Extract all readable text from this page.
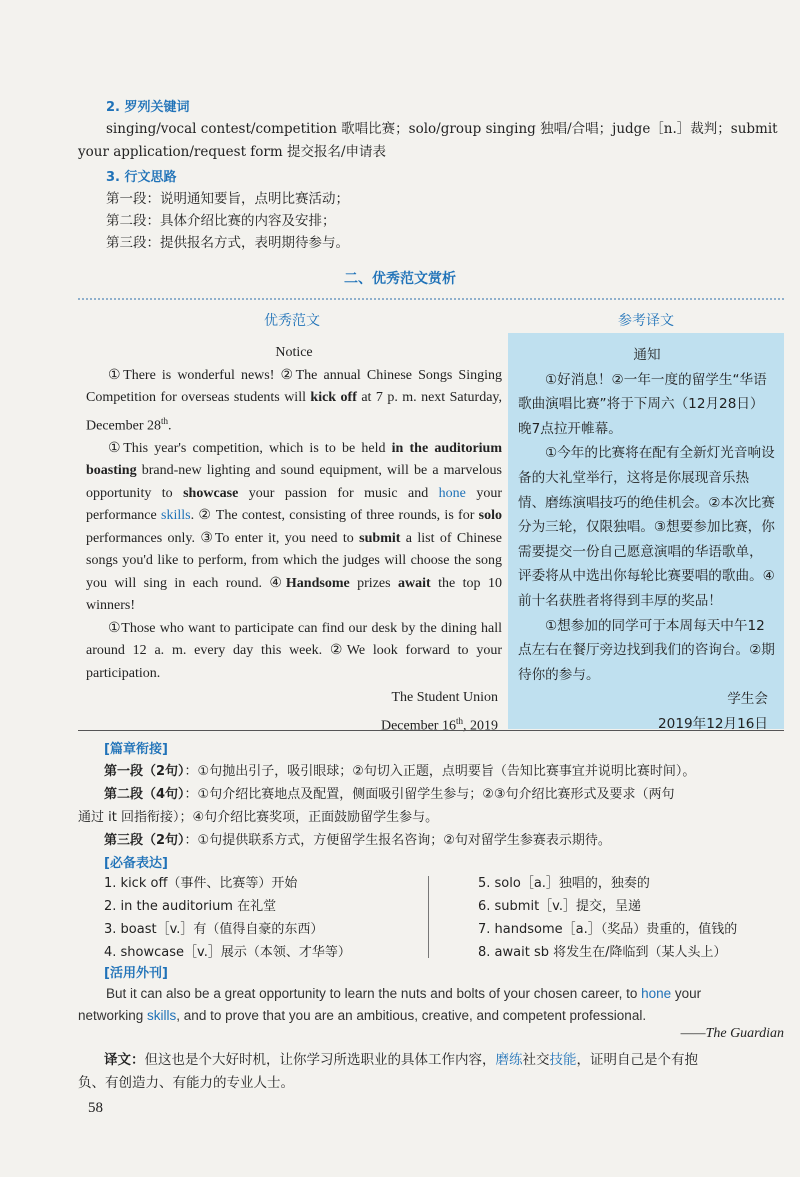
2. 罗列关键词
singing/vocal contest/competition 歌唱比赛；solo/group singing 独唱/合唱；judge［n.］裁判；submit
your application/request form 提交报名/申请表
3. 行文思路
第一段：说明通知要旨，点明比赛活动；
第二段：具体介绍比赛的内容及安排；
第三段：提供报名方式，表明期待参与。
二、优秀范文赏析
优秀范文	参考译文
Notice

①There is wonderful news! ②The annual Chinese Songs Singing Competition for overseas students will kick off at 7 p. m. next Saturday, December 28th.

①This year's competition, which is to be held in the auditorium boasting brand-new lighting and sound equipment, will be a marvelous opportunity to showcase your passion for music and hone your performance skills. ② The contest, consisting of three rounds, is for solo performances only. ③To enter it, you need to submit a list of Chinese songs you'd like to perform, from which the judges will choose the song you will sing in each round. ④Handsome prizes await the top 10 winners!

①Those who want to participate can find our desk by the dining hall around 12 a. m. every day this week. ②We look forward to your participation.

The Student Union
December 16th, 2019
通知

①好消息！②一年一度的留学生“华语歌曲演唱比赛”将于下周六（12月28日）晚7点拉开帷幕。

①今年的比赛将在配有全新灯光音响设备的大礼堂举行，这将是你展现音乐热情、磨练演唱技巧的绝佳机会。②本次比赛分为三轮，仅限独唱。③想要参加比赛，你需要提交一份自己愿意演唱的华语歌单，评委将从中选出你每轮比赛要唱的歌曲。④前十名获胜者将得到丰厚的奖品！

①想参加的同学可于本周每天中午12点左右在餐厅旁边找到我们的咨询台。②期待你的参与。

学生会
2019年12月16日
[篇章衔接]
第一段（2句）：①句抛出引子，吸引眼球；②句切入正题，点明要旨（告知比赛事宜并说明比赛时间）。
第二段（4句）：①句介绍比赛地点及配置，侧面吸引留学生参与；②③句介绍比赛形式及要求（两句
通过 it 回指衔接）；④句介绍比赛奖项，正面鼓励留学生参与。
第三段（2句）：①句提供联系方式，方便留学生报名咨询；②句对留学生参赛表示期待。
[必备表达]
1. kick off（事件、比赛等）开始
2. in the auditorium 在礼堂
3. boast［v.］有（值得自豪的东西）
4. showcase［v.］展示（本领、才华等）
5. solo［a.］独唱的，独奏的
6. submit［v.］提交，呈递
7. handsome［a.］（奖品）贵重的，值钱的
8. await sb 将发生在/降临到（某人头上）
[活用外刊]
But it can also be a great opportunity to learn the nuts and bolts of your chosen career, to hone your
networking skills, and to prove that you are an ambitious, creative, and competent professional.
——The Guardian
译文：但这也是个大好时机，让你学习所选职业的具体工作内容，磨练社交技能，证明自己是个有抱
负、有创造力、有能力的专业人士。
58
